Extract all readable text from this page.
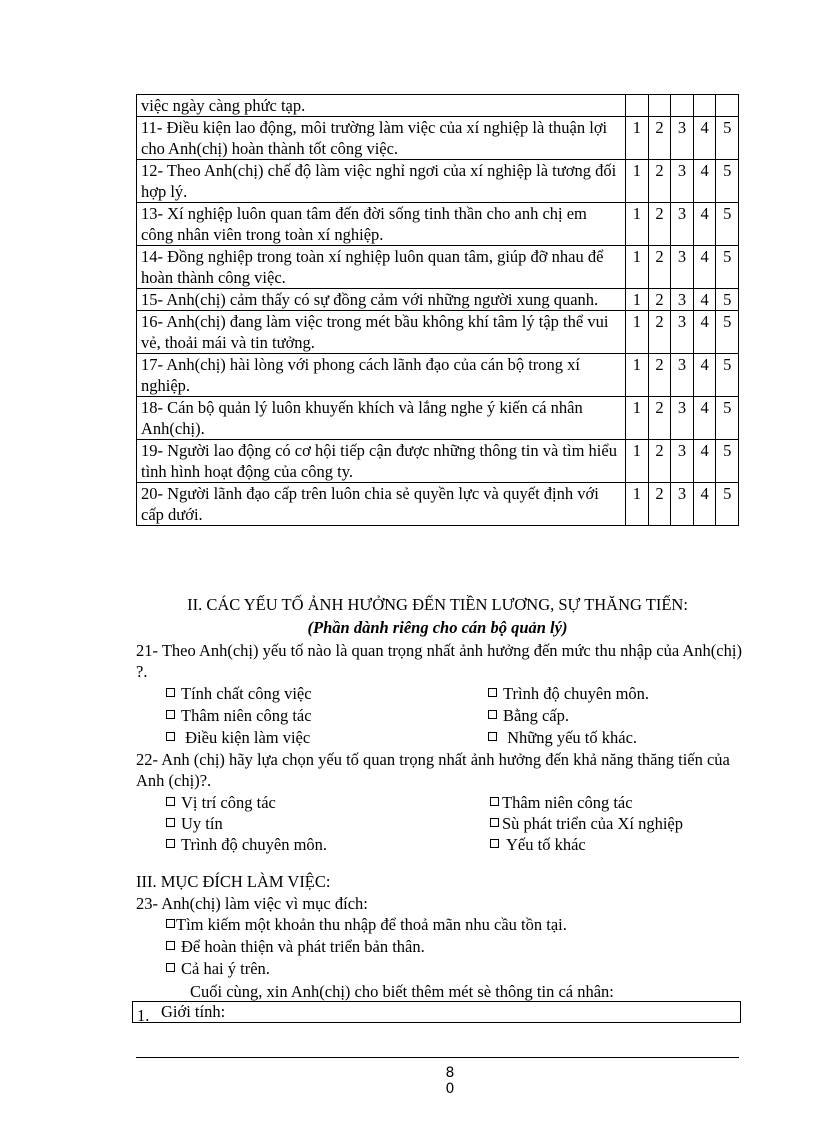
việc ngày càng phức tạp.					
11- Điều kiện lao động, môi trường làm việc của xí nghiệp là thuận lợi cho Anh(chị) hoàn thành tốt công việc.	1	2	3	4	5
12- Theo Anh(chị) chế độ làm việc nghỉ ngơi của xí nghiệp là tương đối hợp lý.	1	2	3	4	5
13- Xí nghiệp luôn quan tâm đến đời sống tinh thần cho anh chị em công nhân viên trong toàn xí nghiệp.	1	2	3	4	5
14- Đồng nghiệp trong toàn xí nghiệp luôn quan tâm, giúp đỡ nhau để hoàn thành công việc.	1	2	3	4	5
15- Anh(chị) cảm thấy có sự đồng cảm với những người xung quanh.	1	2	3	4	5
16- Anh(chị) đang làm việc trong mét bầu không khí tâm lý tập thể vui vẻ, thoải mái và tin tưởng.	1	2	3	4	5
17- Anh(chị) hài lòng với phong cách lãnh đạo của cán bộ trong xí nghiệp.	1	2	3	4	5
18- Cán bộ quản lý luôn khuyến khích và lắng nghe ý kiến cá nhân Anh(chị).	1	2	3	4	5
19- Người lao động có cơ hội tiếp cận được những thông tin và tìm hiểu tình hình hoạt động của công ty.	1	2	3	4	5
20- Người lãnh đạo cấp trên luôn chia sẻ quyền lực và quyết định với cấp dưới.	1	2	3	4	5
II. CÁC YẾU TỐ ẢNH HƯỞNG ĐẾN TIỀN LƯƠNG, SỰ THĂNG TIẾN:
(Phần dành riêng cho cán bộ quản lý)
21- Theo Anh(chị) yếu tố nào là quan trọng nhất ảnh hưởng đến mức thu nhập của Anh(chị) ?.
Tính chất công việc	Trình độ chuyên môn.
Thâm niên công tác	Bằng cấp.
Điều kiện làm việc	Những yếu tố khác.
22- Anh (chị) hãy lựa chọn yếu tố quan trọng nhất ảnh hưởng đến khả năng thăng tiến của Anh (chị)?.
Vị trí công tác	Thâm niên công tác
Uy tín	Sù phát triển của Xí nghiệp
Trình độ chuyên môn.	Yếu tố khác
III. MỤC ĐÍCH LÀM VIỆC:
23- Anh(chị) làm việc vì mục đích:
Tìm kiếm một khoản thu nhập để thoả mãn nhu cầu tồn tại.
Để hoàn thiện và phát triển bản thân.
Cả hai ý trên.
Cuối cùng, xin Anh(chị) cho biết thêm mét sè thông tin cá nhân:
1. Giới tính:
8
0
